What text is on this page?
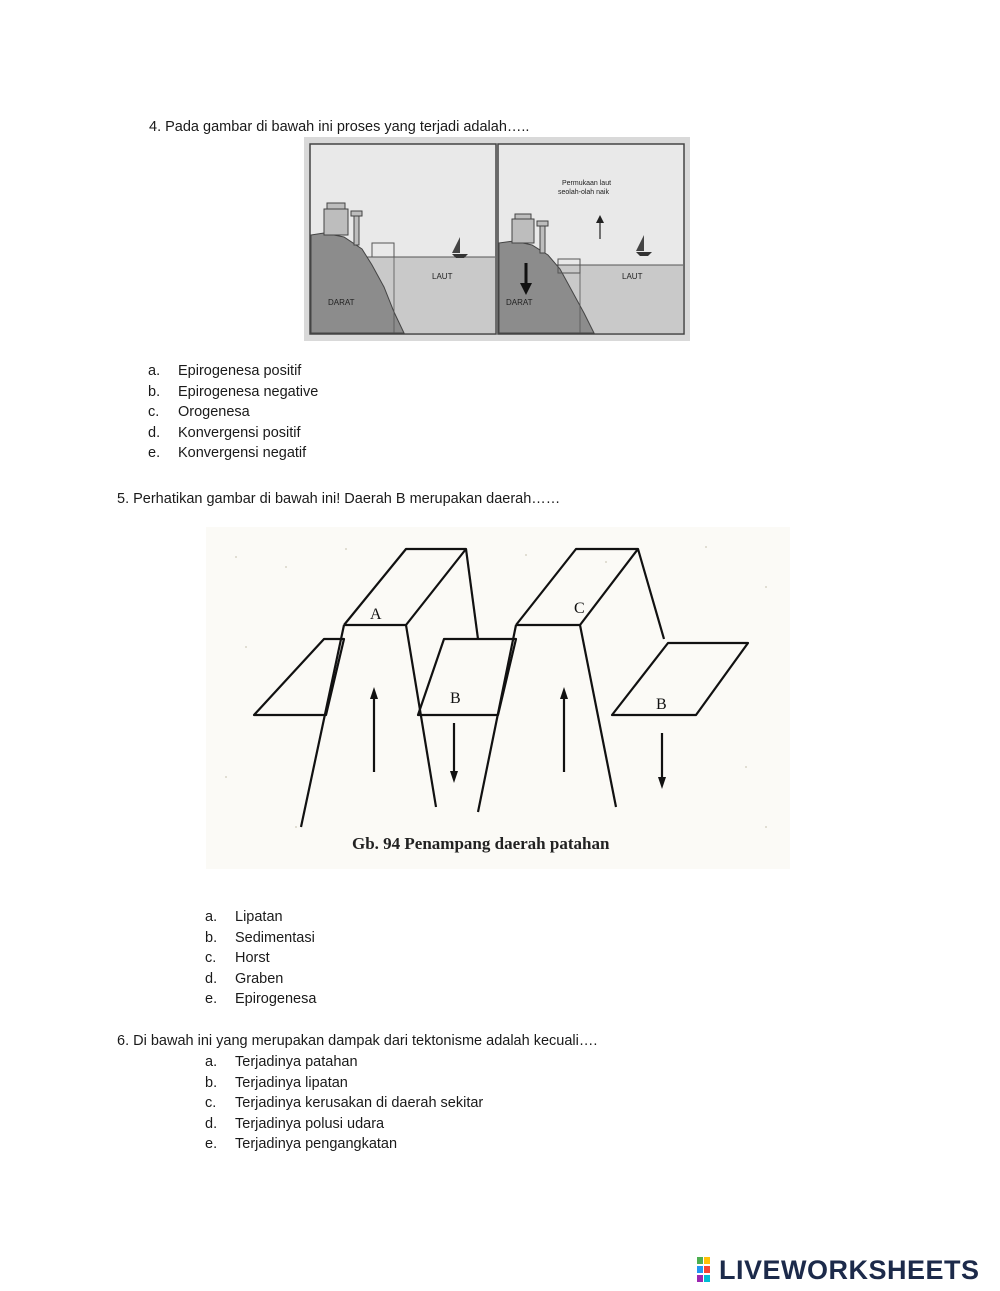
4. Pada gambar di bawah ini proses yang terjadi adalah…..
DARAT
LAUT
Permukaan laut
seolah-olah naik
DARAT
LAUT
a. Epirogenesa positif
b. Epirogenesa negative
c. Orogenesa
d. Konvergensi positif
e. Konvergensi negatif
5. Perhatikan gambar di bawah ini! Daerah B merupakan daerah……
A	C
B	B
Gb. 94 Penampang daerah patahan
a. Lipatan
b. Sedimentasi
c. Horst
d. Graben
e. Epirogenesa
6. Di bawah ini yang merupakan dampak dari tektonisme adalah kecuali….
a. Terjadinya patahan
b. Terjadinya lipatan
c. Terjadinya kerusakan di daerah sekitar
d. Terjadinya polusi udara
e. Terjadinya pengangkatan
LIVEWORKSHEETS
